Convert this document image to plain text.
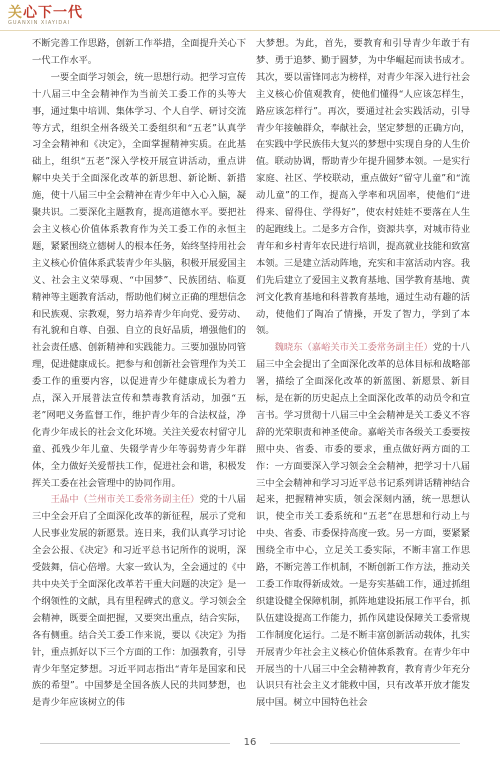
关心下一代
GUANXIN XIAYIDAI

不断完善工作思路，创新工作举措，全面提升关心下一代工作水平。

一要全面学习领会，统一思想行动。把学习宣传十八届三中全会精神作为当前关工委工作的头等大事，通过集中培训、集体学习、个人自学、研讨交流等方式，组织全州各级关工委组织和“五老”认真学习全会精神和《决定》，全面掌握精神实质。在此基础上，组织“五老”深入学校开展宣讲活动，重点讲解中央关于全面深化改革的新思想、新论断、新措施，使十八届三中全会精神在青少年中入心入脑，凝聚共识。二要深化主题教育，提高道德水平。要把社会主义核心价值体系教育作为关工委工作的永恒主题，紧紧围绕立德树人的根本任务，始终坚持用社会主义核心价值体系武装青少年头脑，积极开展爱国主义、社会主义荣辱观、“中国梦”、民族团结、临夏精神等主题教育活动，帮助他们树立正确的理想信念和民族观、宗教观，努力培养青少年向党、爱劳动、有礼貌和自尊、自强、自立的良好品质，增强他们的社会责任感、创新精神和实践能力。三要加强协同管理，促进健康成长。把参与和创新社会管理作为关工委工作的重要内容，以促进青少年健康成长为着力点，深入开展普法宣传和禁毒教育活动，加强“五老”网吧义务监督工作，维护青少年的合法权益，净化青少年成长的社会文化环境。关注关爱农村留守儿童、孤残少年儿童、失辍学青少年等弱势青少年群体，全力做好关爱帮扶工作，促进社会和谐，积极发挥关工委在社会管理中的协同作用。

王晶中（兰州市关工委常务副主任）党的十八届三中全会开启了全面深化改革的新征程，展示了党和人民事业发展的新愿景。连日来，我们认真学习讨论全会公报、《决定》和习近平总书记所作的说明，深受鼓舞，信心倍增。大家一致认为，全会通过的《中共中央关于全面深化改革若干重大问题的决定》是一个纲领性的文献，具有里程碑式的意义。学习领会全会精神，既要全面把握，又要突出重点，结合实际，各有侧重。结合关工委工作来说，要以《决定》为指针，重点抓好以下三个方面的工作：加强教育，引导青少年坚定梦想。习近平同志指出“青年是国家和民族的希望”。中国梦是全国各族人民的共同梦想，也是青少年应该树立的伟

大梦想。为此，首先，要教育和引导青少年敢于有梦、勇于追梦、勤于圆梦，为中华崛起而读书成才。其次，要以雷锋同志为榜样，对青少年深入进行社会主义核心价值观教育，使他们懂得“人应该怎样生，路应该怎样行”。再次，要通过社会实践活动，引导青少年接触群众，奉献社会，坚定梦想的正确方向，在实践中学民族伟大复兴的梦想中实现自身的人生价值。联动协调，帮助青少年提升圆梦本领。一是实行家庭、社区、学校联动，重点做好“留守儿童”和“流动儿童”的工作，提高入学率和巩固率，使他们“进得来、留得住、学得好”，使农村娃娃不要落在人生的起跑线上。二是多方合作，资源共享，对城市待业青年和乡村青年农民进行培训，提高就业技能和致富本领。三是建立活动阵地，充实和丰富活动内容。我们先后建立了爱国主义教育基地、国学教育基地、黄河文化教育基地和科普教育基地，通过生动有趣的活动，使他们了陶冶了情操，开发了智力，学到了本领。

魏晓东（嘉峪关市关工委常务副主任）党的十八届三中全会提出了全面深化改革的总体目标和战略部署，描绘了全面深化改革的新蓝图、新愿景、新目标，是在新的历史起点上全面深化改革的动员令和宣言书。学习贯彻十八届三中全会精神是关工委义不容辞的光荣职责和神圣使命。嘉峪关市各级关工委要按照中央、省委、市委的要求，重点做好两方面的工作：一方面要深入学习领会全会精神，把学习十八届三中全会精神和学习习近平总书记系列讲话精神结合起来，把握精神实质，领会深刻内涵，统一思想认识，使全市关工委系统和“五老”在思想和行动上与中央、省委、市委保持高度一致。另一方面，要紧紧围绕全市中心，立足关工委实际，不断丰富工作思路，不断完善工作机制，不断创新工作方法，推动关工委工作取得新成效。一是夯实基础工作，通过抓组织建设健全保障机制，抓阵地建设拓展工作平台，抓队伍建设提高工作能力，抓作风建设保障关工委常规工作制度化运行。二是不断丰富创新活动载体，扎实开展青少年社会主义核心价值体系教育。在青少年中开展当的十八届三中全会精神教育，教育青少年充分认识只有社会主义才能救中国，只有改革开放才能发展中国。树立中国特色社会

16
